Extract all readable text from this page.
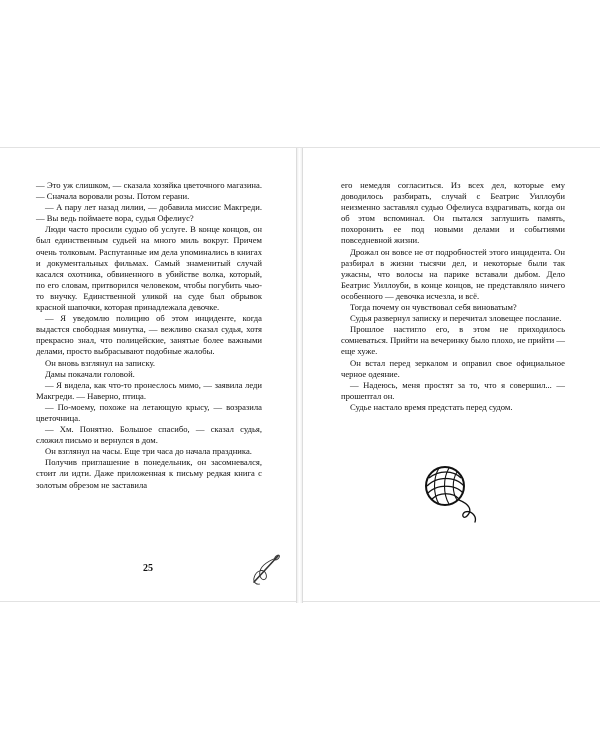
— Это уж слишком, — сказала хозяйка цветочного магазина. — Сначала воровали розы. Потом герани.

— А пару лет назад лилии, — добавила миссис Макгреди. — Вы ведь поймаете вора, судья Офелиус?

Люди часто просили судью об услуге. В конце концов, он был единственным судьей на много миль вокруг. Причем очень толковым. Распутанные им дела упоминались в книгах и документальных фильмах. Самый знаменитый случай касался охотника, обвиненного в убийстве волка, который, по его словам, притворился человеком, чтобы погубить чью-то внучку. Единственной уликой на суде был обрывок красной шапочки, которая принадлежала девочке.

— Я уведомлю полицию об этом инциденте, когда выдастся свободная минутка, — вежливо сказал судья, хотя прекрасно знал, что полицейские, занятые более важными делами, просто выбрасывают подобные жалобы.

Он вновь взглянул на записку.

Дамы покачали головой.

— Я видела, как что-то пронеслось мимо, — заявила леди Макгреди. — Наверно, птица.

— По-моему, похоже на летающую крысу, — возразила цветочница.

— Хм. Понятно. Большое спасибо, — сказал судья, сложил письмо и вернулся в дом.

Он взглянул на часы. Еще три часа до начала праздника.

Получив приглашение в понедельник, он засомневался, стоит ли идти. Даже приложенная к письму редкая книга с золотым обрезом не заставила

25

его немедля согласиться. Из всех дел, которые ему доводилось разбирать, случай с Беатрис Уиллоуби неизменно заставлял судью Офелиуса вздрагивать, когда он об этом вспоминал. Он пытался заглушить память, похоронить ее под новыми делами и событиями повседневной жизни.

Дрожал он вовсе не от подробностей этого инцидента. Он разбирал в жизни тысячи дел, и некоторые были так ужасны, что волосы на парике вставали дыбом. Дело Беатрис Уиллоуби, в конце концов, не представляло ничего особенного — девочка исчезла, и всё.

Тогда почему он чувствовал себя виноватым?

Судья развернул записку и перечитал зловещее послание.

Прошлое настигло его, в этом не приходилось сомневаться. Прийти на вечеринку было плохо, не прийти — еще хуже.

Он встал перед зеркалом и оправил свое официальное черное одеяние.

— Надеюсь, меня простят за то, что я совершил... — прошептал он.

Судье настало время предстать перед судом.
